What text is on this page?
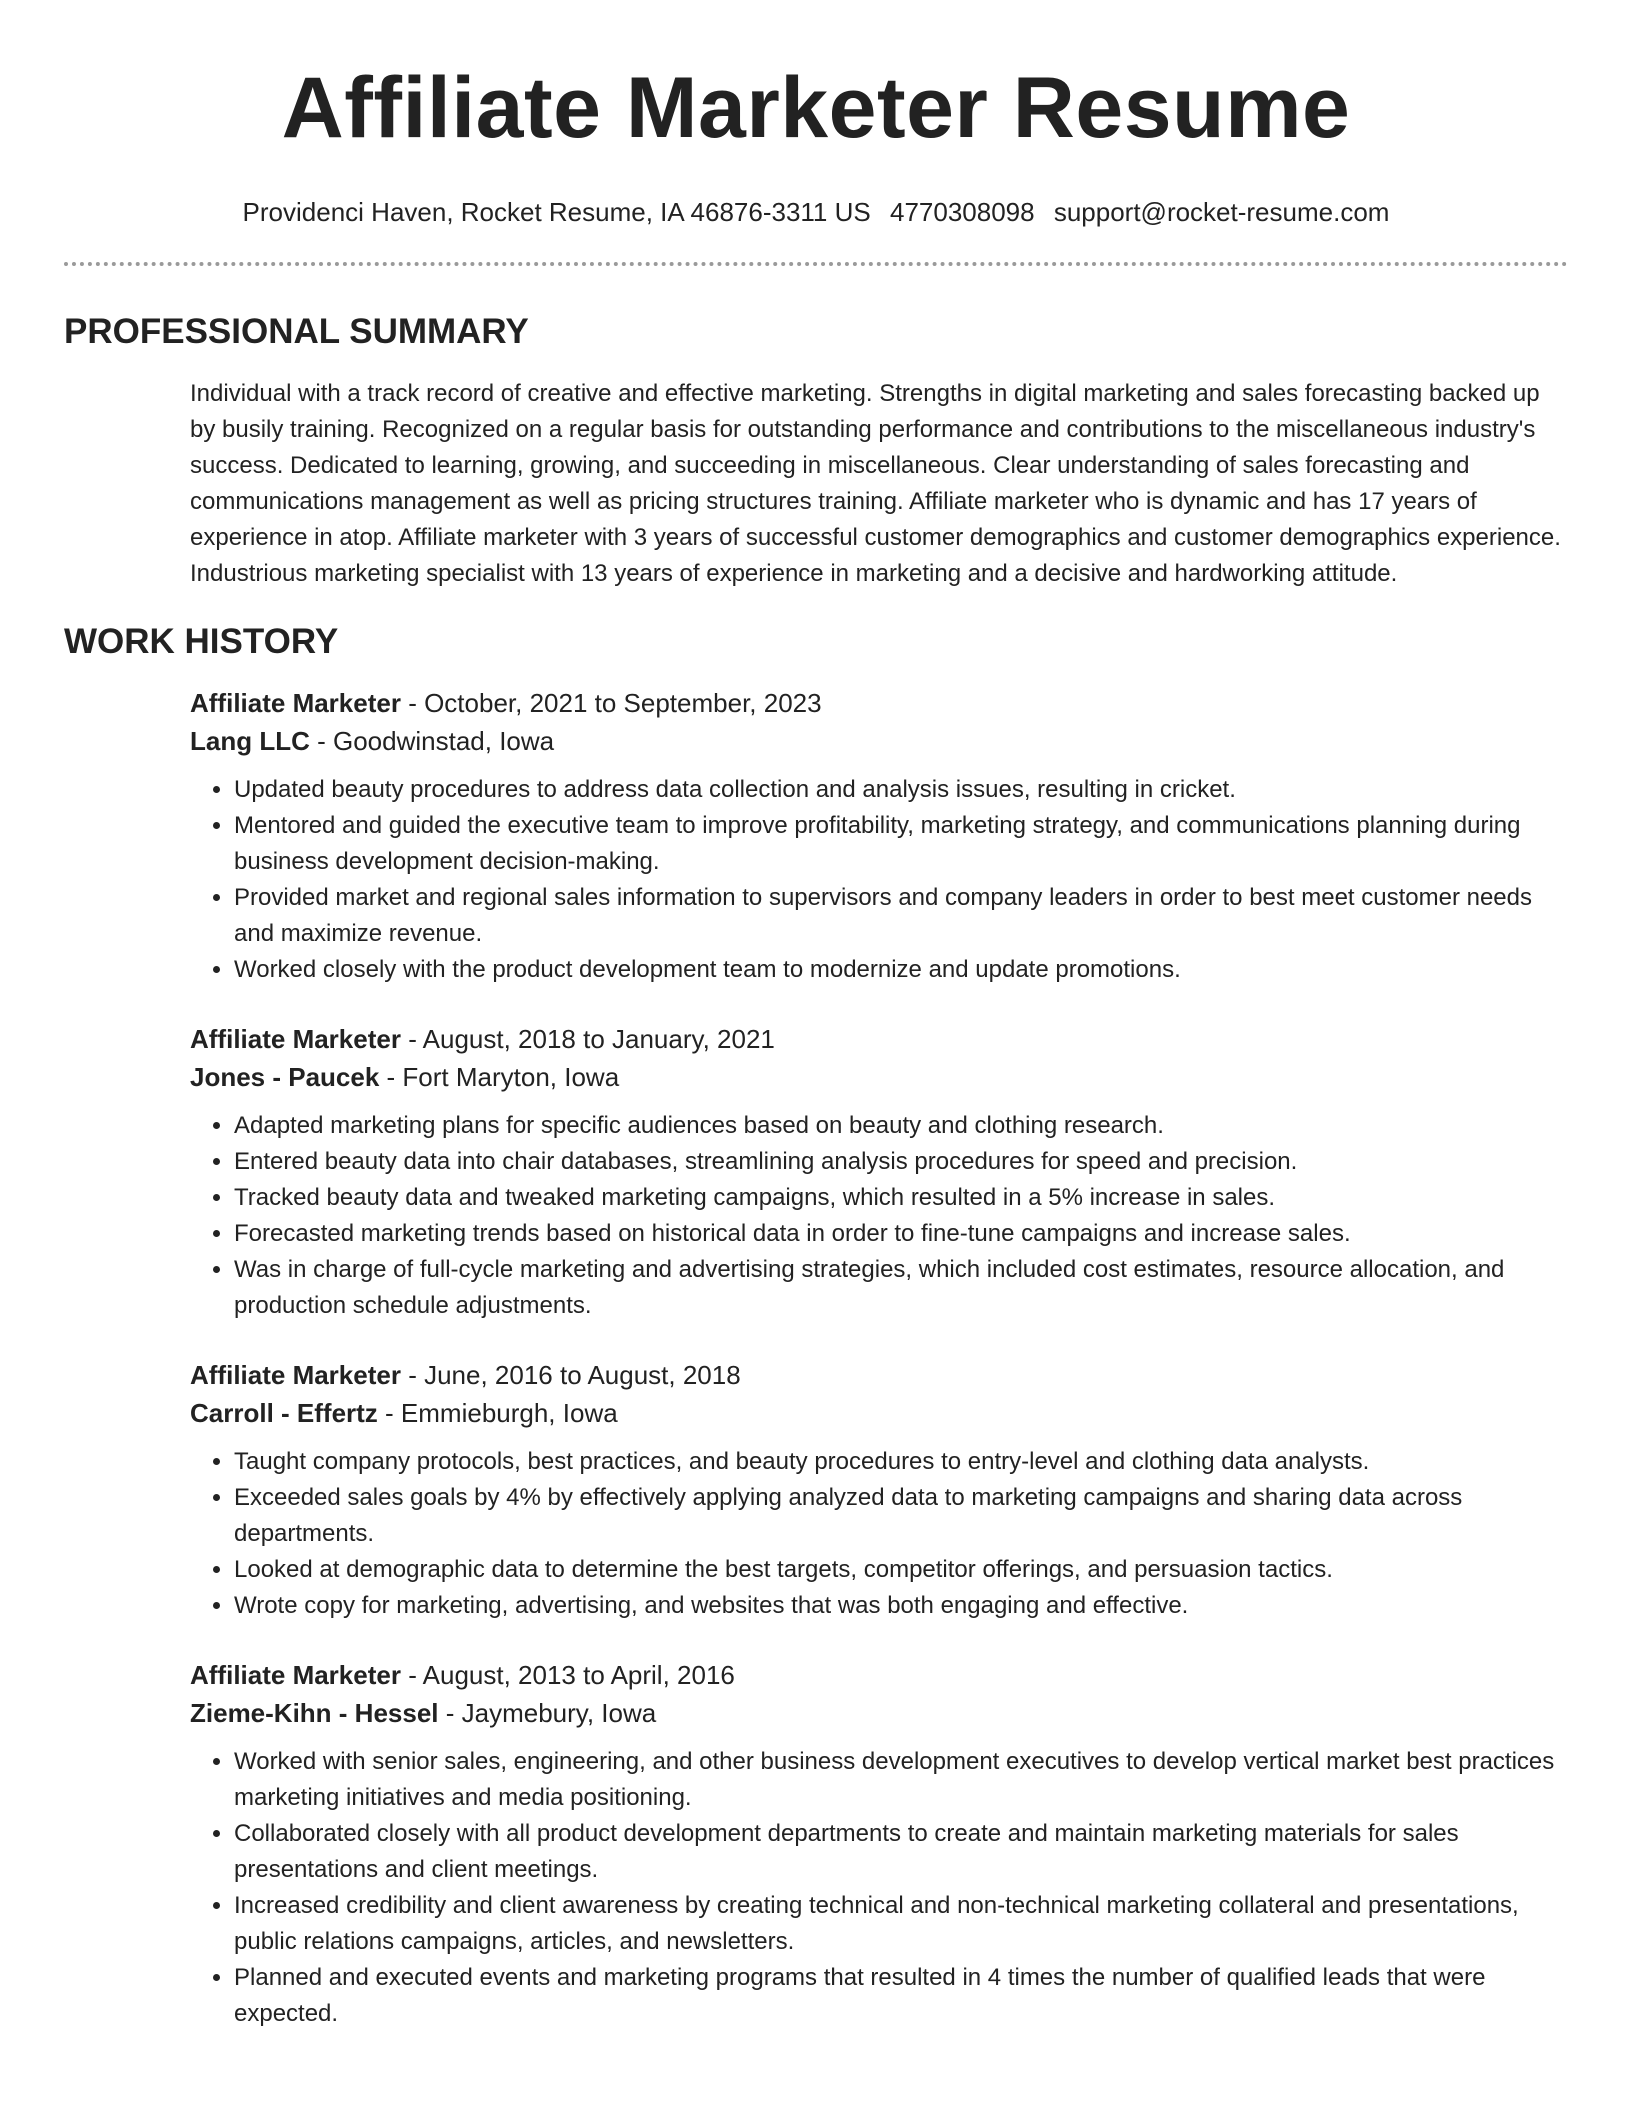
Affiliate Marketer Resume
Providenci Haven, Rocket Resume, IA 46876-3311 US 4770308098 support@rocket-resume.com
PROFESSIONAL SUMMARY

Individual with a track record of creative and effective marketing. Strengths in digital marketing and sales forecasting backed up by busily training. Recognized on a regular basis for outstanding performance and contributions to the miscellaneous industry's success. Dedicated to learning, growing, and succeeding in miscellaneous. Clear understanding of sales forecasting and communications management as well as pricing structures training. Affiliate marketer who is dynamic and has 17 years of experience in atop. Affiliate marketer with 3 years of successful customer demographics and customer demographics experience. Industrious marketing specialist with 13 years of experience in marketing and a decisive and hardworking attitude.

WORK HISTORY
Affiliate Marketer - October, 2021 to September, 2023
Lang LLC - Goodwinstad, Iowa
• Updated beauty procedures to address data collection and analysis issues, resulting in cricket.
• Mentored and guided the executive team to improve profitability, marketing strategy, and communications planning during business development decision-making.
• Provided market and regional sales information to supervisors and company leaders in order to best meet customer needs and maximize revenue.
• Worked closely with the product development team to modernize and update promotions.
Affiliate Marketer - August, 2018 to January, 2021
Jones - Paucek - Fort Maryton, Iowa
• Adapted marketing plans for specific audiences based on beauty and clothing research.
• Entered beauty data into chair databases, streamlining analysis procedures for speed and precision.
• Tracked beauty data and tweaked marketing campaigns, which resulted in a 5% increase in sales.
• Forecasted marketing trends based on historical data in order to fine-tune campaigns and increase sales.
• Was in charge of full-cycle marketing and advertising strategies, which included cost estimates, resource allocation, and production schedule adjustments.
Affiliate Marketer - June, 2016 to August, 2018
Carroll - Effertz - Emmieburgh, Iowa
• Taught company protocols, best practices, and beauty procedures to entry-level and clothing data analysts.
• Exceeded sales goals by 4% by effectively applying analyzed data to marketing campaigns and sharing data across departments.
• Looked at demographic data to determine the best targets, competitor offerings, and persuasion tactics.
• Wrote copy for marketing, advertising, and websites that was both engaging and effective.
Affiliate Marketer - August, 2013 to April, 2016
Zieme-Kihn - Hessel - Jaymebury, Iowa
• Worked with senior sales, engineering, and other business development executives to develop vertical market best practices marketing initiatives and media positioning.
• Collaborated closely with all product development departments to create and maintain marketing materials for sales presentations and client meetings.
• Increased credibility and client awareness by creating technical and non-technical marketing collateral and presentations, public relations campaigns, articles, and newsletters.
• Planned and executed events and marketing programs that resulted in 4 times the number of qualified leads that were expected.
